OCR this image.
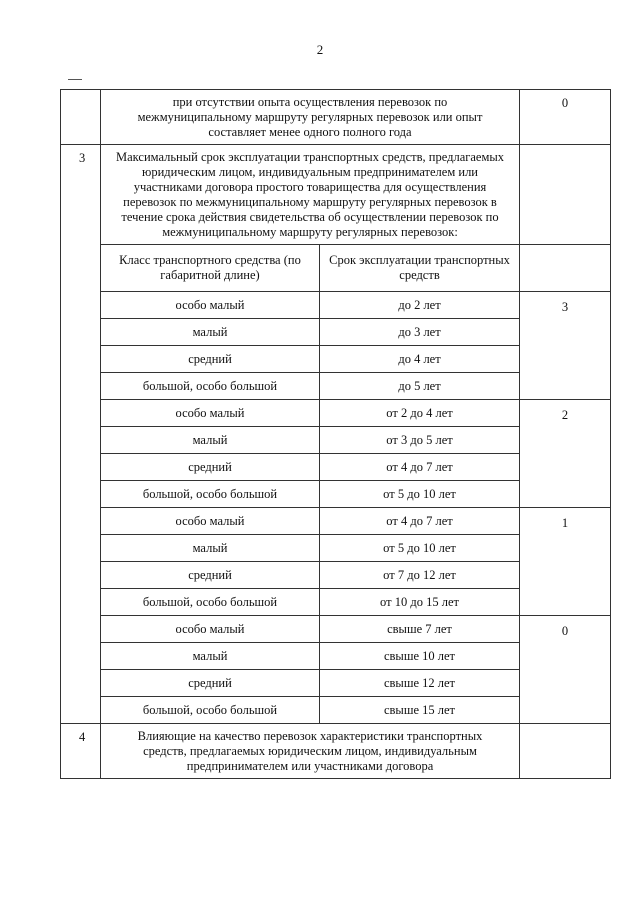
2
	при отсутствии опыта осуществления перевозок по межмуниципальному маршруту регулярных перевозок или опыт составляет менее одного полного года		0
3	Максимальный срок эксплуатации транспортных средств, предлагаемых юридическим лицом, индивидуальным предпринимателем или участниками договора простого товарищества для осуществления перевозок по межмуниципальному маршруту регулярных перевозок в течение срока действия свидетельства об осуществлении перевозок по межмуниципальному маршруту регулярных перевозок:		
	Класс транспортного средства (по габаритной длине)	Срок эксплуатации транспортных средств	
	особо малый	до 2 лет	3
	малый	до 3 лет	
	средний	до 4 лет	
	большой, особо большой	до 5 лет	
	особо малый	от 2 до 4 лет	2
	малый	от 3 до 5 лет	
	средний	от 4 до 7 лет	
	большой, особо большой	от 5 до 10 лет	
	особо малый	от 4 до 7 лет	1
	малый	от 5 до 10 лет	
	средний	от 7 до 12 лет	
	большой, особо большой	от 10 до 15 лет	
	особо малый	свыше 7 лет	0
	малый	свыше 10 лет	
	средний	свыше 12 лет	
	большой, особо большой	свыше 15 лет	
4	Влияющие на качество перевозок характеристики транспортных средств, предлагаемых юридическим лицом, индивидуальным предпринимателем или участниками договора		
